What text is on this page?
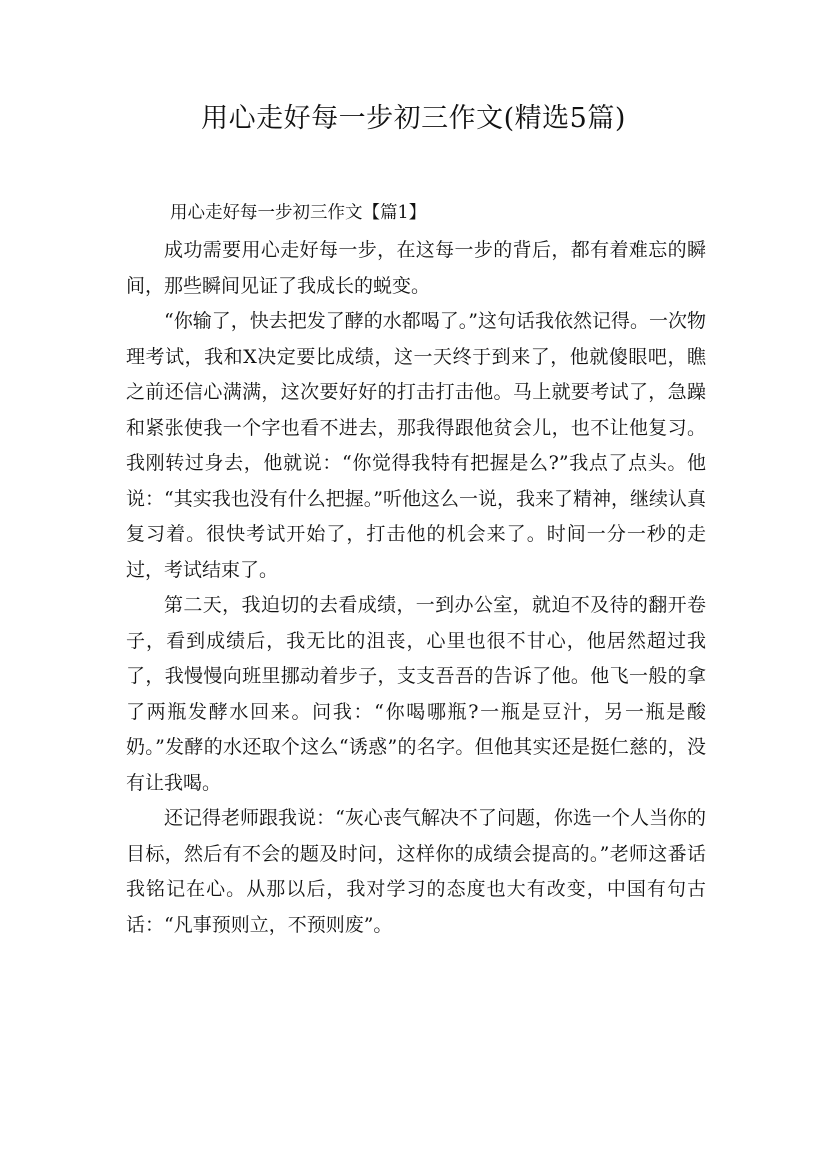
用心走好每一步初三作文(精选5篇)

用心走好每一步初三作文【篇1】

成功需要用心走好每一步，在这每一步的背后，都有着难忘的瞬间，那些瞬间见证了我成长的蜕变。

“你输了，快去把发了酵的水都喝了。”这句话我依然记得。一次物理考试，我和X决定要比成绩，这一天终于到来了，他就傻眼吧，瞧之前还信心满满，这次要好好的打击打击他。马上就要考试了，急躁和紧张使我一个字也看不进去，那我得跟他贫会儿，也不让他复习。我刚转过身去，他就说：“你觉得我特有把握是么?”我点了点头。他说：“其实我也没有什么把握。”听他这么一说，我来了精神，继续认真复习着。很快考试开始了，打击他的机会来了。时间一分一秒的走过，考试结束了。

第二天，我迫切的去看成绩，一到办公室，就迫不及待的翻开卷子，看到成绩后，我无比的沮丧，心里也很不甘心，他居然超过我了，我慢慢向班里挪动着步子，支支吾吾的告诉了他。他飞一般的拿了两瓶发酵水回来。问我：“你喝哪瓶?一瓶是豆汁，另一瓶是酸奶。”发酵的水还取个这么“诱惑”的名字。但他其实还是挺仁慈的，没有让我喝。

还记得老师跟我说：“灰心丧气解决不了问题，你选一个人当你的目标，然后有不会的题及时问，这样你的成绩会提高的。”老师这番话我铭记在心。从那以后，我对学习的态度也大有改变，中国有句古话：“凡事预则立，不预则废”。
